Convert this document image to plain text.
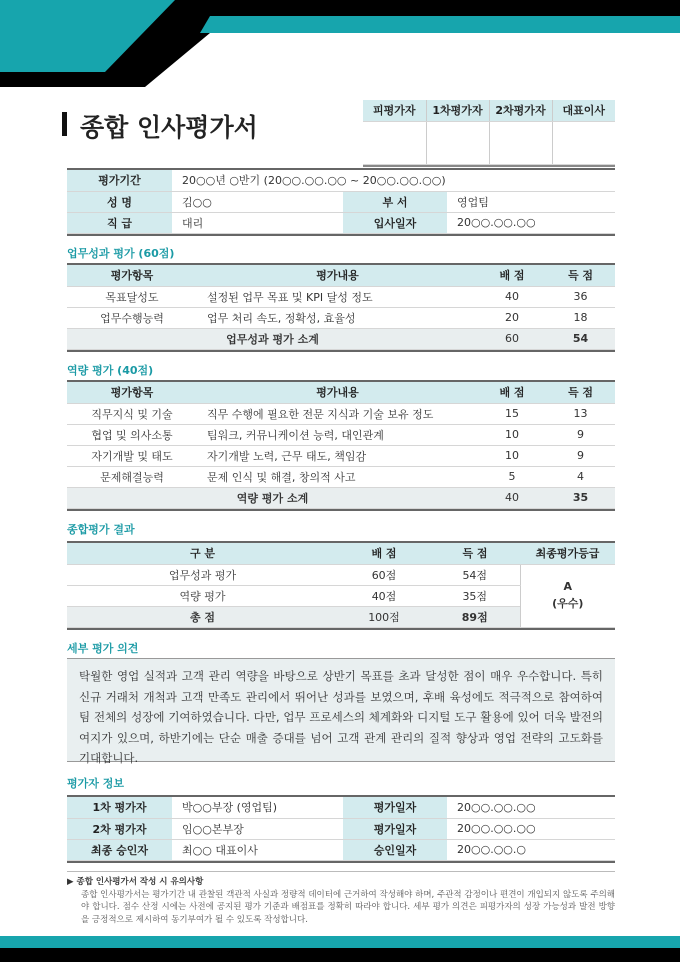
종합 인사평가서
피평가자	1차평가자	2차평가자	대표이사

평가기간	20○○년 ○반기 (20○○.○○.○○ ~ 20○○.○○.○○)		
성 명	김○○	부 서	영업팀
직 급	대리	입사일자	20○○.○○.○○
업무성과 평가 (60점)
평가항목	평가내용	배 점	득 점
목표달성도	설정된 업무 목표 및 KPI 달성 정도	40	36
업무수행능력	업무 처리 속도, 정확성, 효율성	20	18
업무성과 평가 소계		60	54
역량 평가 (40점)
평가항목	평가내용	배 점	득 점
직무지식 및 기술	직무 수행에 필요한 전문 지식과 기술 보유 정도	15	13
협업 및 의사소통	팀워크, 커뮤니케이션 능력, 대인관계	10	9
자기개발 및 태도	자기개발 노력, 근무 태도, 책임감	10	9
문제해결능력	문제 인식 및 해결, 창의적 사고	5	4
역량 평가 소계		40	35
종합평가 결과
구 분	배 점	득 점	최종평가등급
업무성과 평가	60점	54점	A
(우수)

역량 평가	40점	35점	
총 점	100점	89점	
세부 평가 의견
탁월한 영업 실적과 고객 관리 역량을 바탕으로 상반기 목표를 초과 달성한 점이 매우 우수합니다. 특히 신규 거래처 개척과 고객 만족도 관리에서 뛰어난 성과를 보였으며, 후배 육성에도 적극적으로 참여하여 팀 전체의 성장에 기여하였습니다. 다만, 업무 프로세스의 체계화와 디지털 도구 활용에 있어 더욱 발전의 여지가 있으며, 하반기에는 단순 매출 증대를 넘어 고객 관계 관리의 질적 향상과 영업 전략의 고도화를 기대합니다.
평가자 정보
1차 평가자	박○○부장 (영업팀)	평가일자	20○○.○○.○○
2차 평가자	임○○본부장	평가일자	20○○.○○.○○
최종 승인자	최○○ 대표이사	승인일자	20○○.○○.○
▶ 종합 인사평가서 작성 시 유의사항
종합 인사평가서는 평가기간 내 관찰된 객관적 사실과 정량적 데이터에 근거하여 작성해야 하며, 주관적 감정이나 편견이 개입되지 않도록 주의해야 합니다. 점수 산정 시에는 사전에 공지된 평가 기준과 배점표를 정확히 따라야 합니다. 세부 평가 의견은 피평가자의 성장 가능성과 발전 방향을 긍정적으로 제시하여 동기부여가 될 수 있도록 작성합니다.
